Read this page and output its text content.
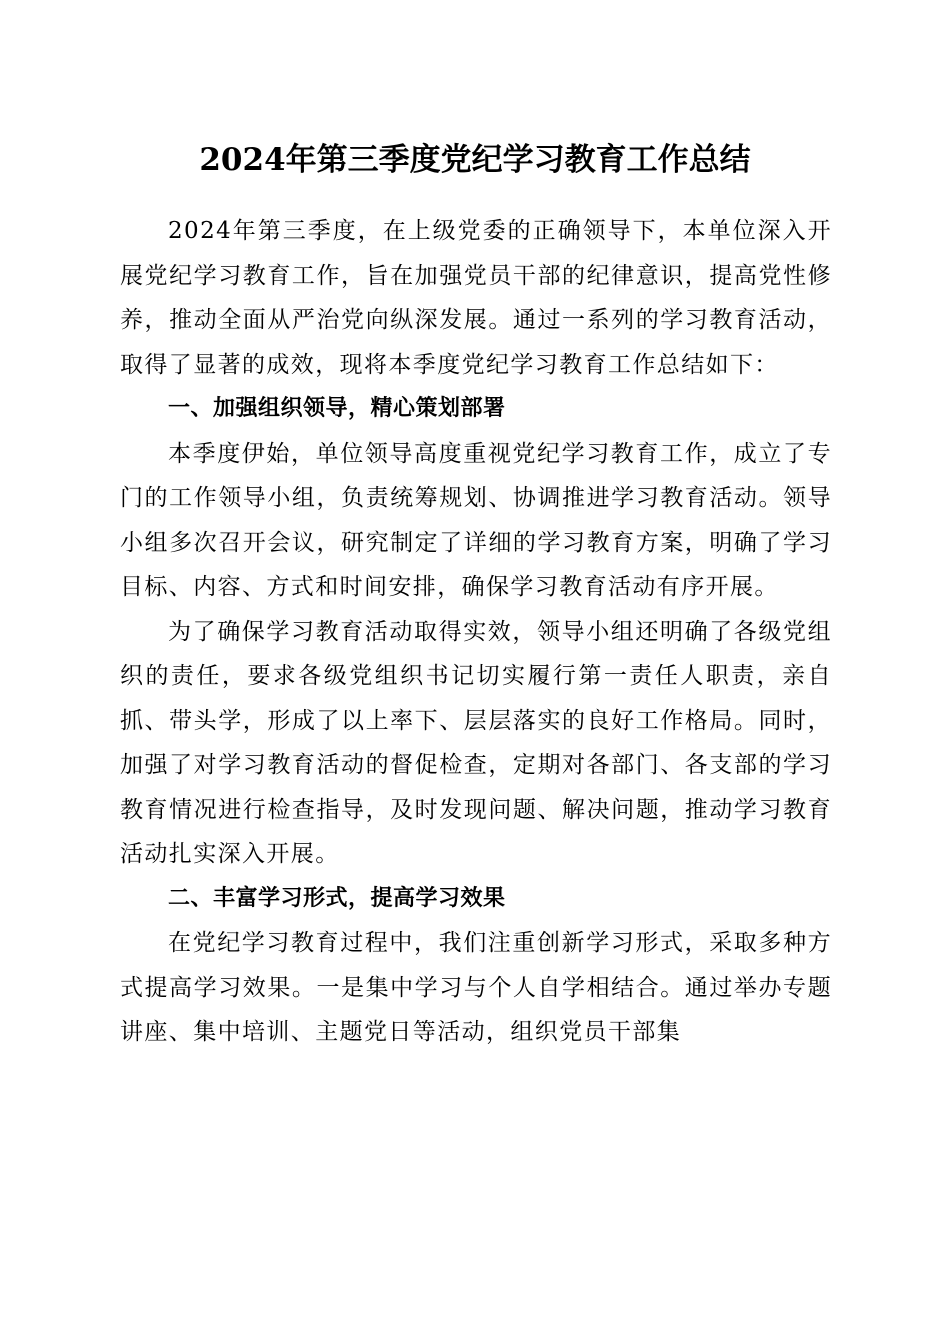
2024年第三季度党纪学习教育工作总结

2024年第三季度，在上级党委的正确领导下，本单位深入开展党纪学习教育工作，旨在加强党员干部的纪律意识，提高党性修养，推动全面从严治党向纵深发展。通过一系列的学习教育活动，取得了显著的成效，现将本季度党纪学习教育工作总结如下：

一、加强组织领导，精心策划部署

本季度伊始，单位领导高度重视党纪学习教育工作，成立了专门的工作领导小组，负责统筹规划、协调推进学习教育活动。领导小组多次召开会议，研究制定了详细的学习教育方案，明确了学习目标、内容、方式和时间安排，确保学习教育活动有序开展。

为了确保学习教育活动取得实效，领导小组还明确了各级党组织的责任，要求各级党组织书记切实履行第一责任人职责，亲自抓、带头学，形成了以上率下、层层落实的良好工作格局。同时，加强了对学习教育活动的督促检查，定期对各部门、各支部的学习教育情况进行检查指导，及时发现问题、解决问题，推动学习教育活动扎实深入开展。

二、丰富学习形式，提高学习效果

在党纪学习教育过程中，我们注重创新学习形式，采取多种方式提高学习效果。一是集中学习与个人自学相结合。通过举办专题讲座、集中培训、主题党日等活动，组织党员干部集
